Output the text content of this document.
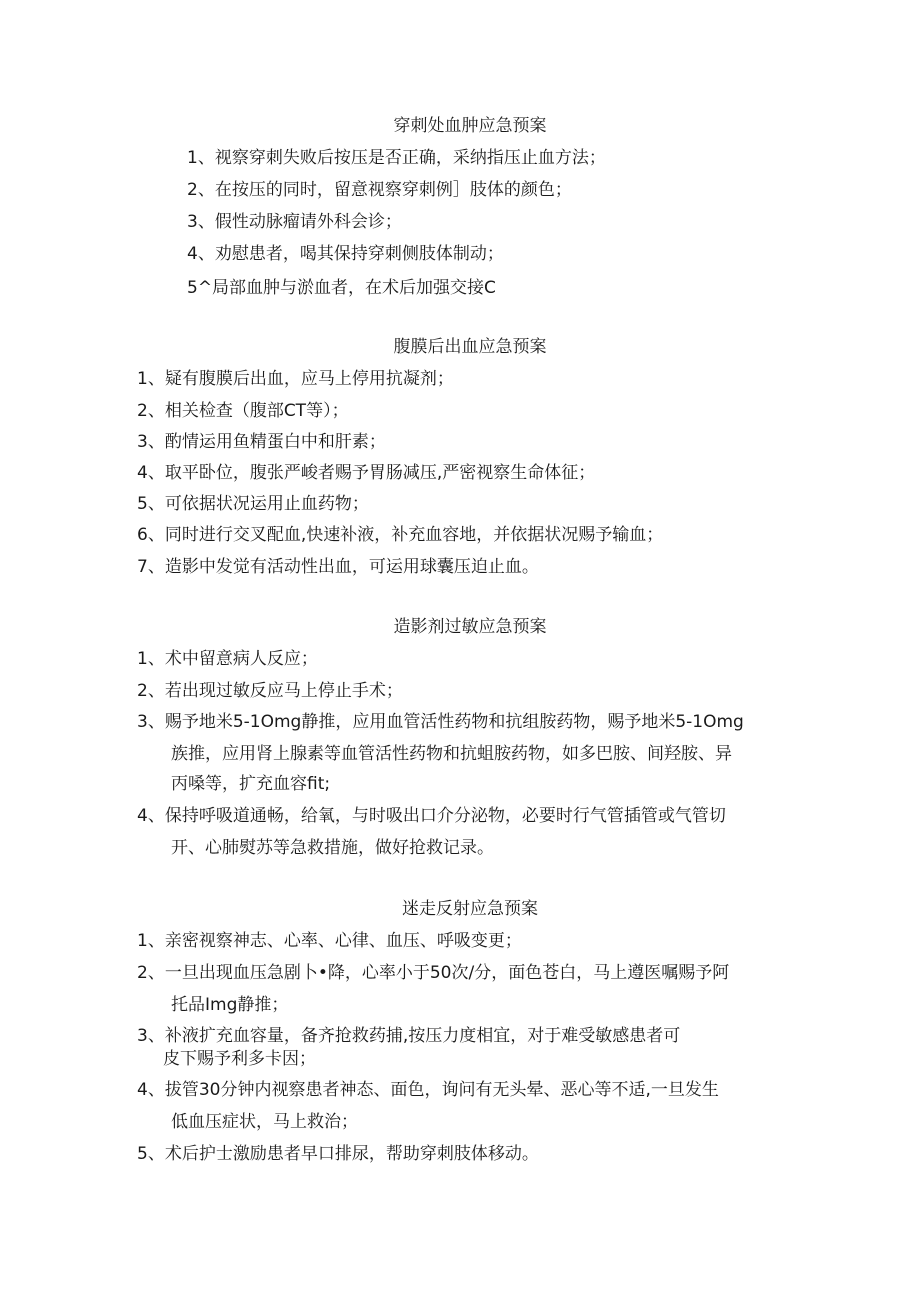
穿刺处血肿应急预案
1、视察穿刺失败后按压是否正确，采纳指压止血方法；
2、在按压的同时，留意视察穿刺例］肢体的颜色；
3、假性动脉瘤请外科会诊；
4、劝慰患者，喝其保持穿刺侧肢体制动；
5^局部血肿与淤血者，在术后加强交接C
腹膜后出血应急预案
1、疑有腹膜后出血，应马上停用抗凝剂；
2、相关检查（腹部CT等）；
3、酌情运用鱼精蛋白中和肝素；
4、取平卧位，腹张严峻者赐予胃肠减压,严密视察生命体征；
5、可依据状况运用止血药物；
6、同时进行交叉配血,快速补液，补充血容地，并依据状况赐予输血；
7、造影中发觉有活动性出血，可运用球囊压迫止血。
造影剂过敏应急预案
1、术中留意病人反应；
2、若出现过敏反应马上停止手术；
3、赐予地米5-1Omg静推，应用血管活性药物和抗组胺药物，赐予地米5-1Omg
族推，应用肾上腺素等血管活性药物和抗蛆胺药物，如多巴胺、间羟胺、异
丙嗓等，扩充血容fit;
4、保持呼吸道通畅，给氧，与时吸出口介分泌物，必要时行气管插管或气管切
开、心肺熨苏等急救措施，做好抢救记录。
迷走反射应急预案
1、亲密视察神志、心率、心律、血压、呼吸变更；
2、一旦出现血压急剧卜•降，心率小于50次/分，面色苍白，马上遵医嘱赐予阿
托品Img静推；
3、补液扩充血容量，备齐抢救药捕,按压力度相宜，对于难受敏感患者可
皮下赐予利多卡因；
4、拔管30分钟内视察患者神态、面色，询问有无头晕、恶心等不适,一旦发生
低血压症状，马上救治；
5、术后护士激励患者早口排尿，帮助穿刺肢体移动。
